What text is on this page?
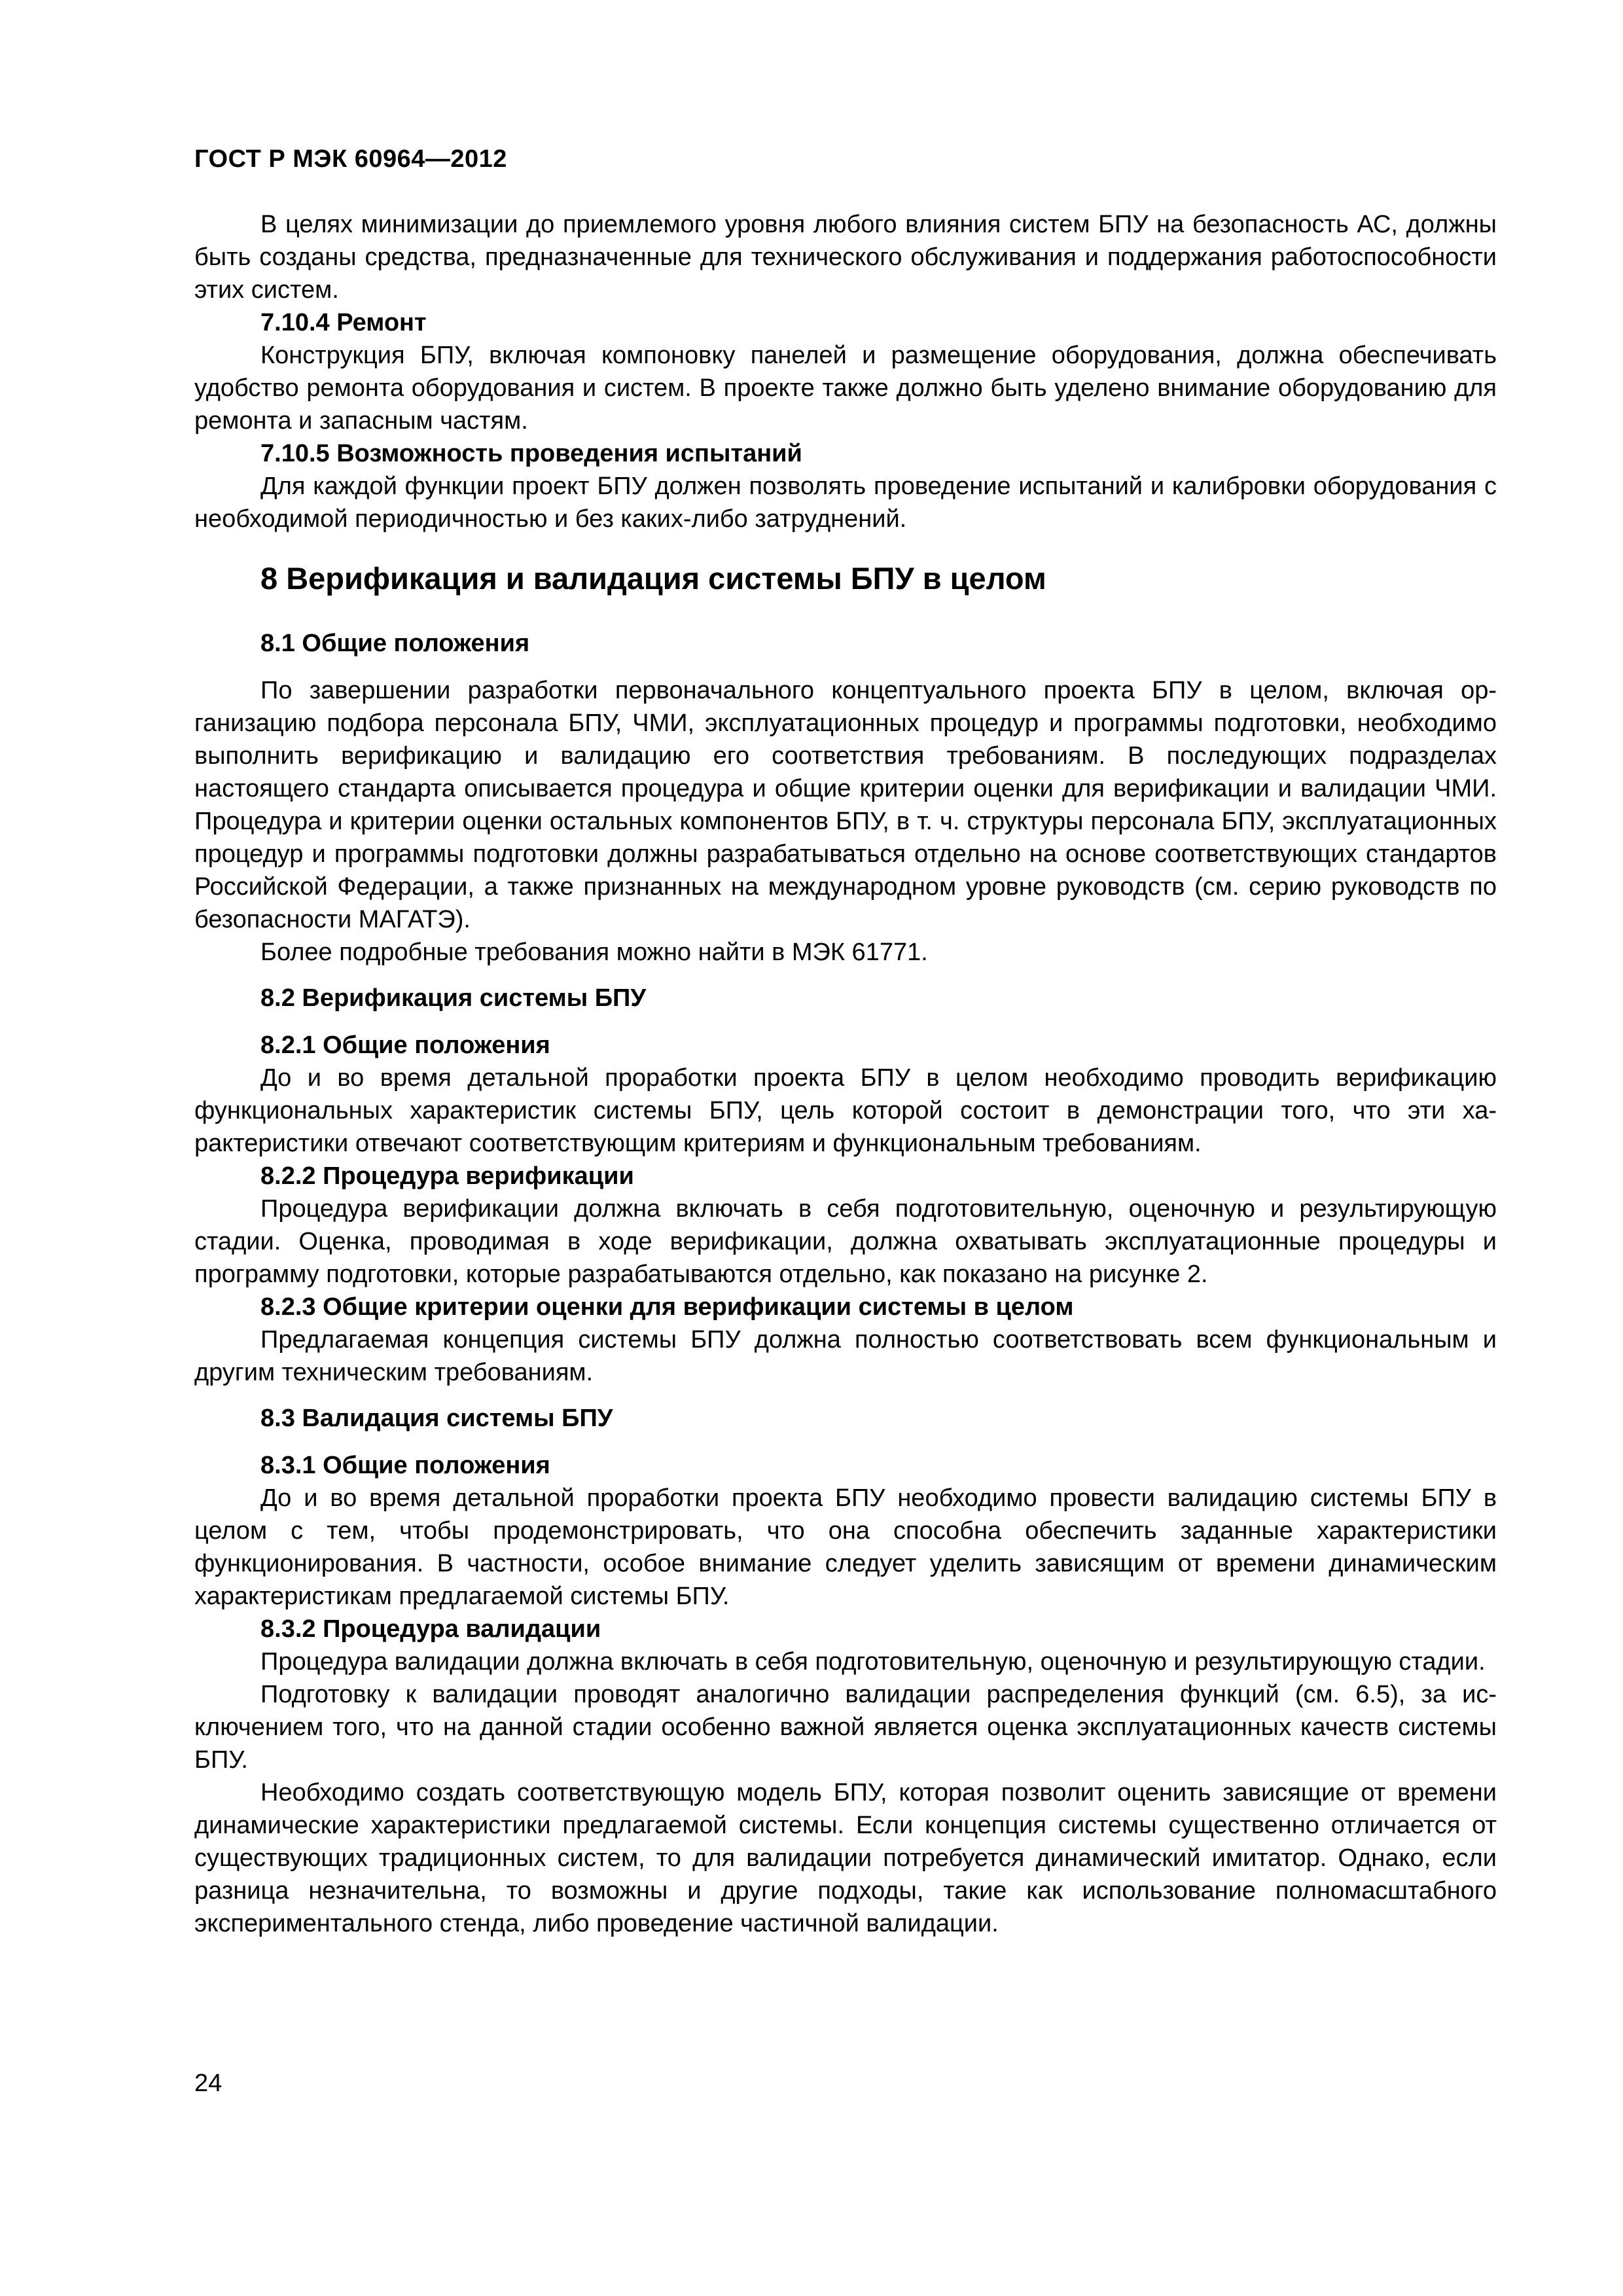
ГОСТ Р МЭК 60964—2012

В целях минимизации до приемлемого уровня любого влияния систем БПУ на безопасность АС, должны быть созданы средства, предназначенные для технического обслуживания и поддержания работоспособности этих систем.

7.10.4 Ремонт

Конструкция БПУ, включая компоновку панелей и размещение оборудования, должна обеспечивать удобство ремонта оборудования и систем. В проекте также должно быть уделено внимание оборудованию для ремонта и запасным частям.

7.10.5 Возможность проведения испытаний

Для каждой функции проект БПУ должен позволять проведение испытаний и калибровки оборудования с необходимой периодичностью и без каких-либо затруднений.

8 Верификация и валидация системы БПУ в целом
8.1 Общие положения

По завершении разработки первоначального концептуального проекта БПУ в целом, включая организацию подбора персонала БПУ, ЧМИ, эксплуатационных процедур и программы подготовки, необходимо выполнить верификацию и валидацию его соответствия требованиям. В последующих подразделах настоящего стандарта описывается процедура и общие критерии оценки для верификации и валидации ЧМИ. Процедура и критерии оценки остальных компонентов БПУ, в т. ч. структуры персонала БПУ, эксплуатационных процедур и программы подготовки должны разрабатываться отдельно на основе соответствующих стандартов Российской Федерации, а также признанных на международном уровне руководств (см. серию руководств по безопасности МАГАТЭ).

Более подробные требования можно найти в МЭК 61771.

8.2 Верификация системы БПУ
8.2.1 Общие положения

До и во время детальной проработки проекта БПУ в целом необходимо проводить верификацию функциональных характеристик системы БПУ, цель которой состоит в демонстрации того, что эти характеристики отвечают соответствующим критериям и функциональным требованиям.

8.2.2 Процедура верификации

Процедура верификации должна включать в себя подготовительную, оценочную и результирующую стадии. Оценка, проводимая в ходе верификации, должна охватывать эксплуатационные процедуры и программу подготовки, которые разрабатываются отдельно, как показано на рисунке 2.

8.2.3 Общие критерии оценки для верификации системы в целом

Предлагаемая концепция системы БПУ должна полностью соответствовать всем функциональным и другим техническим требованиям.

8.3 Валидация системы БПУ
8.3.1 Общие положения

До и во время детальной проработки проекта БПУ необходимо провести валидацию системы БПУ в целом с тем, чтобы продемонстрировать, что она способна обеспечить заданные характеристики функционирования. В частности, особое внимание следует уделить зависящим от времени динамическим характеристикам предлагаемой системы БПУ.

8.3.2 Процедура валидации

Процедура валидации должна включать в себя подготовительную, оценочную и результирующую стадии.

Подготовку к валидации проводят аналогично валидации распределения функций (см. 6.5), за исключением того, что на данной стадии особенно важной является оценка эксплуатационных качеств системы БПУ.

Необходимо создать соответствующую модель БПУ, которая позволит оценить зависящие от времени динамические характеристики предлагаемой системы. Если концепция системы существенно отличается от существующих традиционных систем, то для валидации потребуется динамический имитатор. Однако, если разница незначительна, то возможны и другие подходы, такие как использование полномасштабного экспериментального стенда, либо проведение частичной валидации.

24
